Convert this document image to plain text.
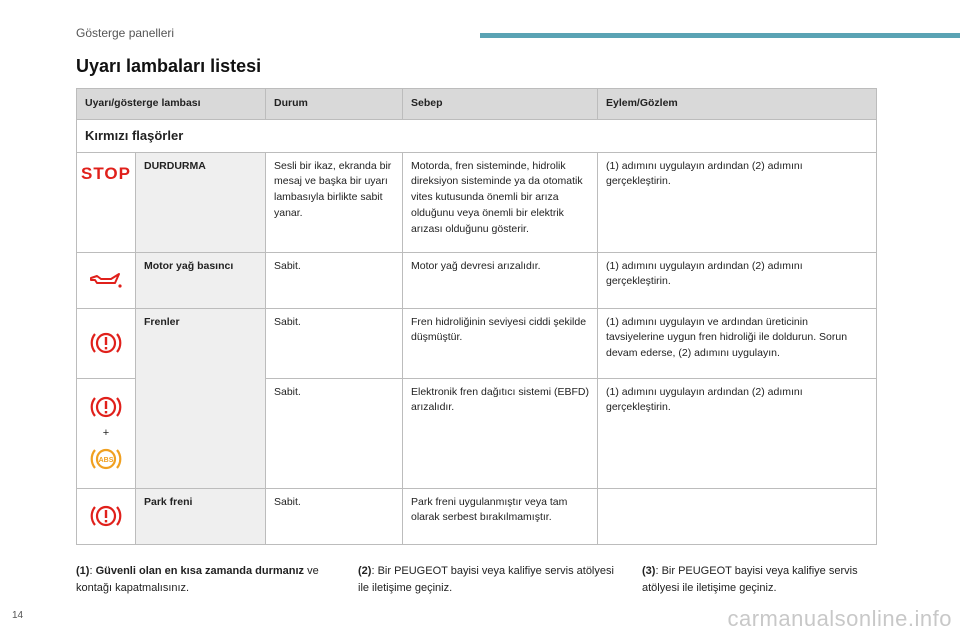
Gösterge panelleri
Uyarı lambaları listesi
Uyarı/gösterge lambası		Durum	Sebep	Eylem/Gözlem
Kırmızı flaşörler				
STOP	DURDURMA	Sesli bir ikaz, ekranda bir mesaj ve başka bir uyarı lambasıyla birlikte sabit yanar.	Motorda, fren sisteminde, hidrolik direksiyon sisteminde ya da otomatik vites kutusunda önemli bir arıza olduğunu veya önemli bir elektrik arızası olduğunu gösterir.	(1) adımını uygulayın ardından (2) adımını gerçekleştirin.

	Motor yağ basıncı	Sabit.	Motor yağ devresi arızalıdır.	(1) adımını uygulayın ardından (2) adımını gerçekleştirin.

	Frenler	Sabit.	Fren hidroliğinin seviyesi ciddi şekilde düşmüştür.	(1) adımını uygulayın ve ardından üreticinin tavsiyelerine uygun fren hidroliği ile doldurun. Sorun devam ederse, (2) adımını uygulayın.

+
ABS		Sabit.	Elektronik fren dağıtıcı sistemi (EBFD) arızalıdır.	(1) adımını uygulayın ardından (2) adımını gerçekleştirin.

	Park freni	Sabit.	Park freni uygulanmıştır veya tam olarak serbest bırakılmamıştır.	
(1): Güvenli olan en kısa zamanda durmanız ve kontağı kapatmalısınız.
(2): Bir PEUGEOT bayisi veya kalifiye servis atölyesi ile iletişime geçiniz.
(3): Bir PEUGEOT bayisi veya kalifiye servis atölyesi ile iletişime geçiniz.
14	carmanualsonline.info
